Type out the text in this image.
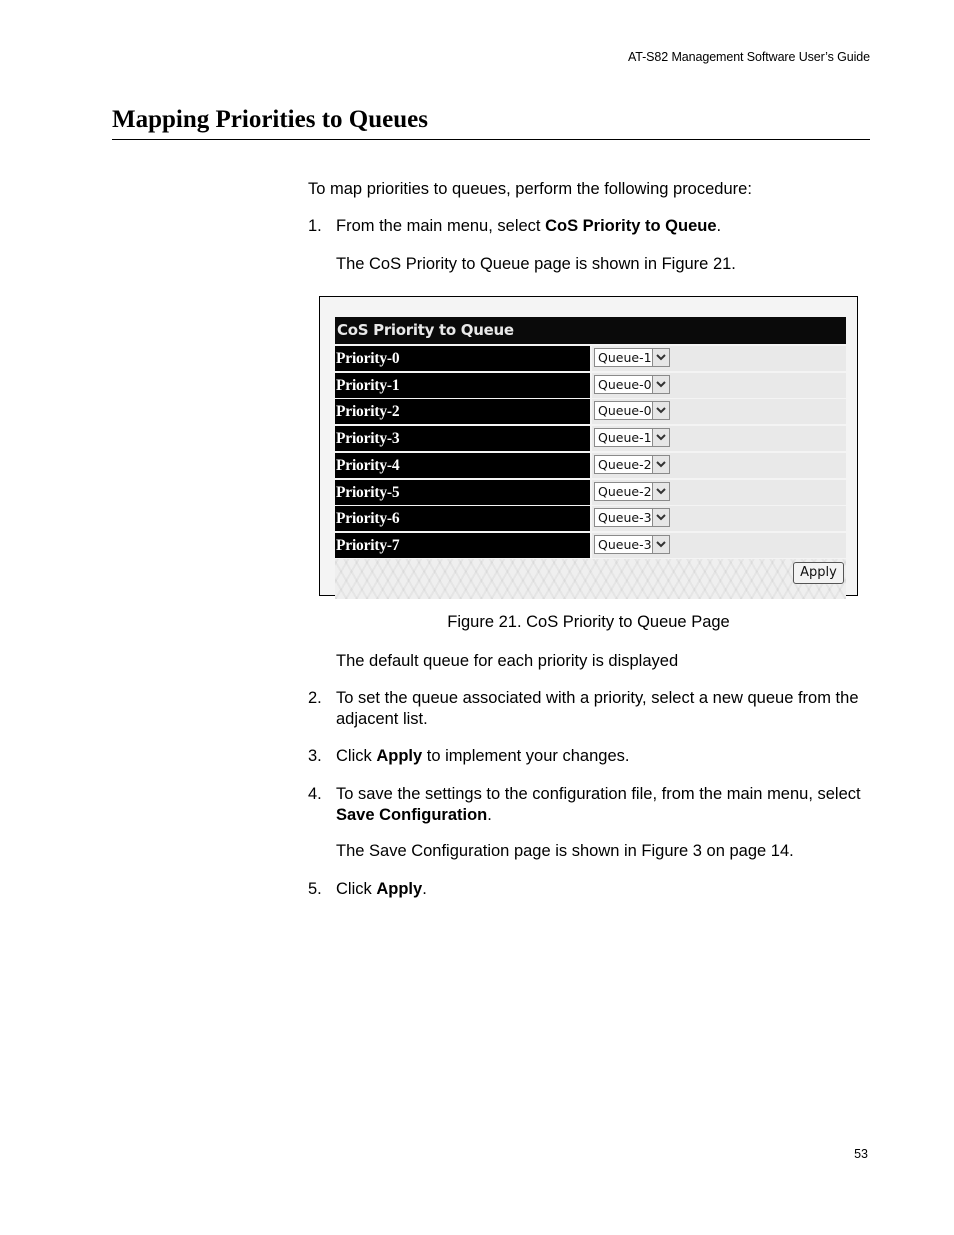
AT-S82 Management Software User’s Guide
Mapping Priorities to Queues

To map priorities to queues, perform the following procedure:

1. From the main menu, select CoS Priority to Queue.

The CoS Priority to Queue page is shown in Figure 21.

CoS Priority to Queue
Priority-0	Queue-1
Priority-1	Queue-0
Priority-2	Queue-0
Priority-3	Queue-1
Priority-4	Queue-2
Priority-5	Queue-2
Priority-6	Queue-3
Priority-7	Queue-3
Apply
Figure 21. CoS Priority to Queue Page

The default queue for each priority is displayed

2. To set the queue associated with a priority, select a new queue from the adjacent list.
3. Click Apply to implement your changes.
4. To save the settings to the configuration file, from the main menu, select Save Configuration.

The Save Configuration page is shown in Figure 3 on page 14.

5. Click Apply.
53
